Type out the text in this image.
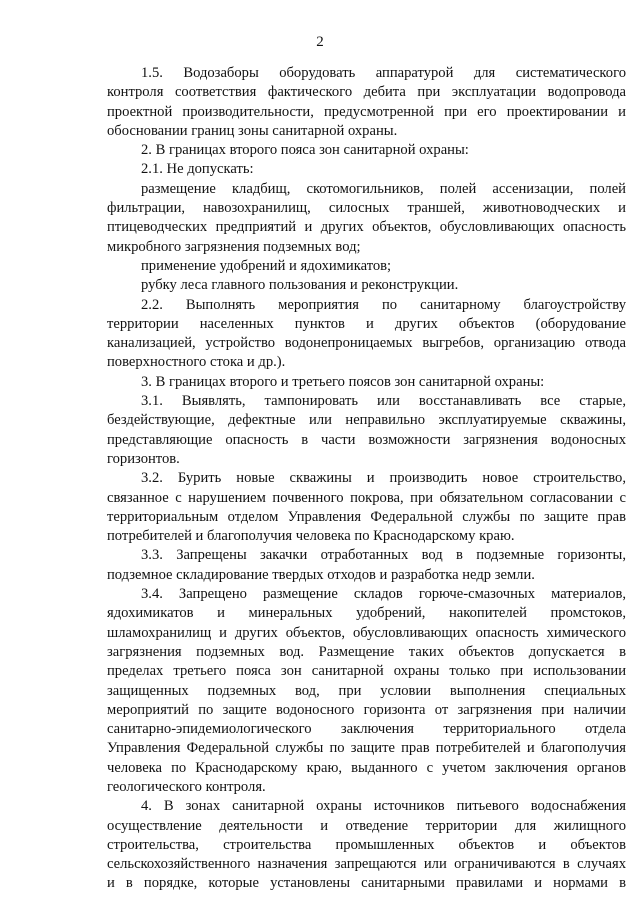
2
1.5. Водозаборы оборудовать аппаратурой для систематического
контроля соответствия фактического дебита при эксплуатации водопровода
проектной производительности, предусмотренной при его проектировании и
обосновании границ зоны санитарной охраны.
2. В границах второго пояса зон санитарной охраны:
2.1. Не допускать:
размещение кладбищ, скотомогильников, полей ассенизации, полей
фильтрации, навозохранилищ, силосных траншей, животноводческих и
птицеводческих предприятий и других объектов, обусловливающих опасность
микробного загрязнения подземных вод;
применение удобрений и ядохимикатов;
рубку леса главного пользования и реконструкции.
2.2. Выполнять мероприятия по санитарному благоустройству
территории населенных пунктов и других объектов (оборудование
канализацией, устройство водонепроницаемых выгребов, организацию отвода
поверхностного стока и др.).
3. В границах второго и третьего поясов зон санитарной охраны:
3.1. Выявлять, тампонировать или восстанавливать все старые,
бездействующие, дефектные или неправильно эксплуатируемые скважины,
представляющие опасность в части возможности загрязнения водоносных
горизонтов.
3.2. Бурить новые скважины и производить новое строительство,
связанное с нарушением почвенного покрова, при обязательном согласовании с
территориальным отделом Управления Федеральной службы по защите прав
потребителей и благополучия человека по Краснодарскому краю.
3.3. Запрещены закачки отработанных вод в подземные горизонты,
подземное складирование твердых отходов и разработка недр земли.
3.4. Запрещено размещение складов горюче-смазочных материалов,
ядохимикатов и минеральных удобрений, накопителей промстоков,
шламохранилищ и других объектов, обусловливающих опасность химического
загрязнения подземных вод. Размещение таких объектов допускается в
пределах третьего пояса зон санитарной охраны только при использовании
защищенных подземных вод, при условии выполнения специальных
мероприятий по защите водоносного горизонта от загрязнения при наличии
санитарно-эпидемиологического заключения территориального отдела
Управления Федеральной службы по защите прав потребителей и благополучия
человека по Краснодарскому краю, выданного с учетом заключения органов
геологического контроля.
4. В зонах санитарной охраны источников питьевого водоснабжения
осуществление деятельности и отведение территории для жилищного
строительства, строительства промышленных объектов и объектов
сельскохозяйственного назначения запрещаются или ограничиваются в случаях
и в порядке, которые установлены санитарными правилами и нормами в
